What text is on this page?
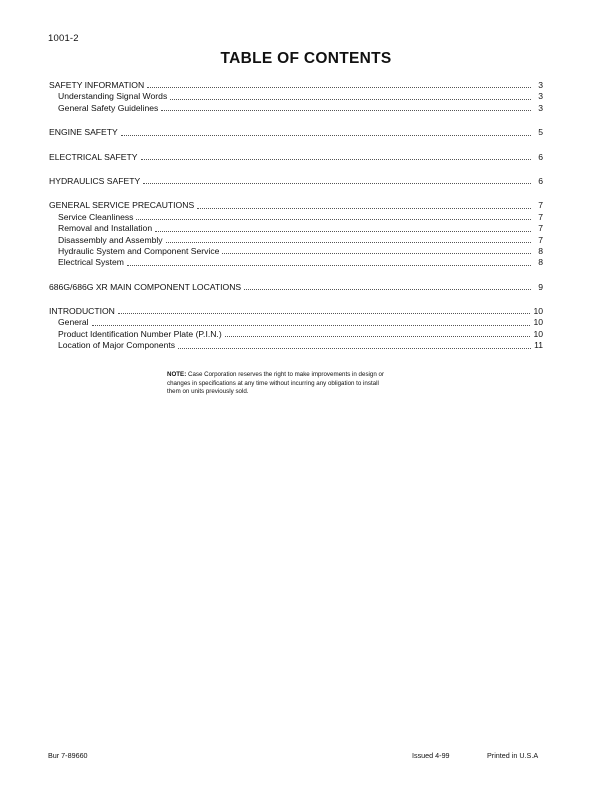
1001-2
TABLE OF CONTENTS
SAFETY INFORMATION	3
Understanding Signal Words	3
General Safety Guidelines	3
ENGINE SAFETY	5
ELECTRICAL SAFETY	6
HYDRAULICS SAFETY	6
GENERAL SERVICE PRECAUTIONS	7
Service Cleanliness	7
Removal and Installation	7
Disassembly and Assembly	7
Hydraulic System and Component Service	8
Electrical System	8
686G/686G XR MAIN COMPONENT LOCATIONS	9
INTRODUCTION	10
General	10
Product Identification Number Plate (P.I.N.)	10
Location of Major Components	11
NOTE: Case Corporation reserves the right to make improvements in design or
changes in specifications at any time without incurring any obligation to install
them on units previously sold.
Bur 7-89660	Issued 4-99	Printed in U.S.A
